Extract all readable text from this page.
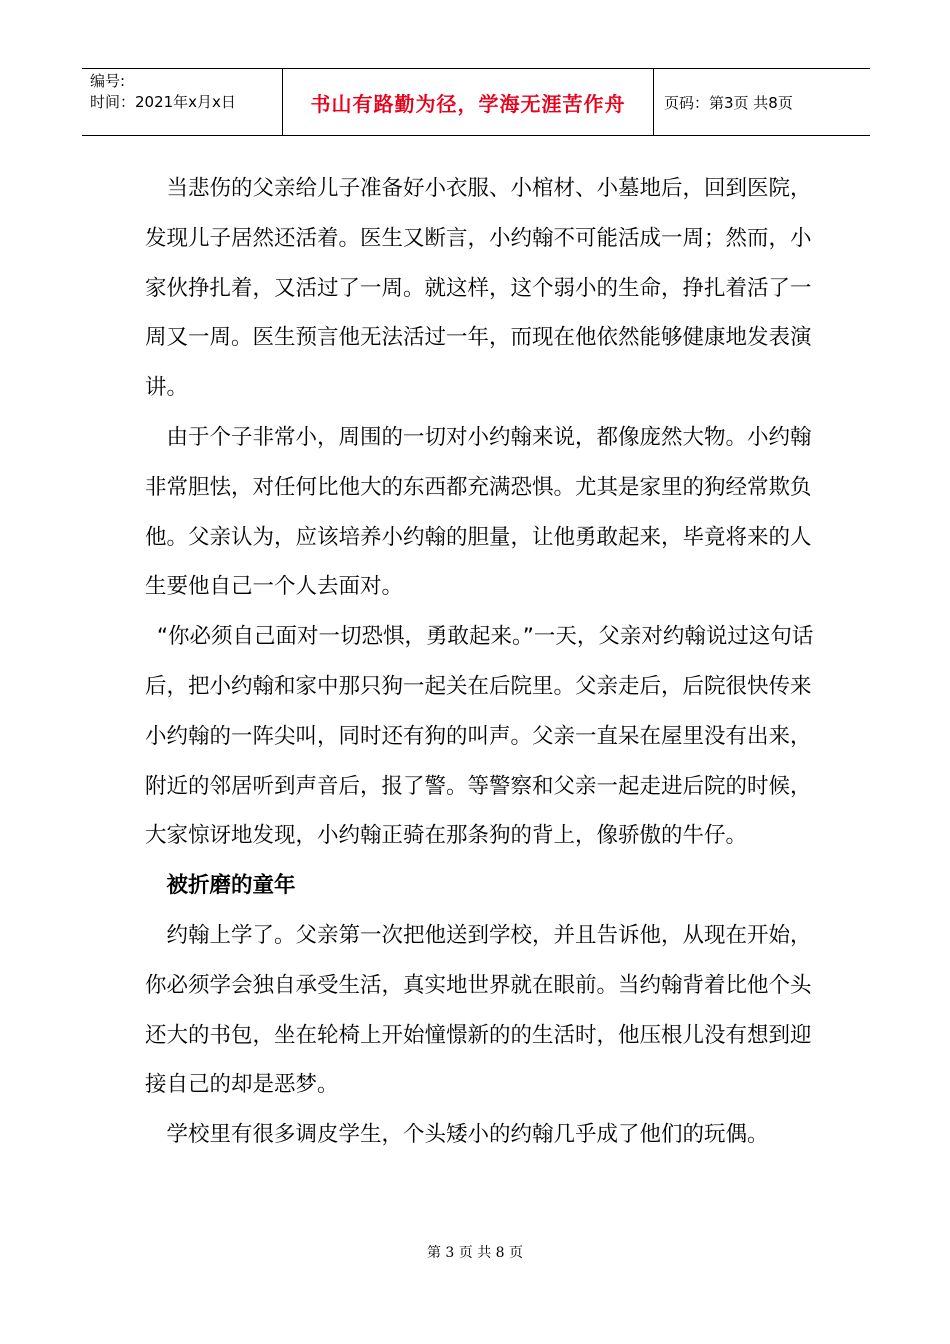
编号:
时间：2021年x月x日	书山有路勤为径，学海无涯苦作舟	页码：第3页 共8页

当悲伤的父亲给儿子准备好小衣服、小棺材、小墓地后，回到医院，发现儿子居然还活着。医生又断言，小约翰不可能活成一周；然而，小家伙挣扎着，又活过了一周。就这样，这个弱小的生命，挣扎着活了一周又一周。医生预言他无法活过一年，而现在他依然能够健康地发表演讲。

由于个子非常小，周围的一切对小约翰来说，都像庞然大物。小约翰非常胆怯，对任何比他大的东西都充满恐惧。尤其是家里的狗经常欺负他。父亲认为，应该培养小约翰的胆量，让他勇敢起来，毕竟将来的人生要他自己一个人去面对。

“你必须自己面对一切恐惧，勇敢起来。”一天，父亲对约翰说过这句话后，把小约翰和家中那只狗一起关在后院里。父亲走后，后院很快传来小约翰的一阵尖叫，同时还有狗的叫声。父亲一直呆在屋里没有出来，附近的邻居听到声音后，报了警。等警察和父亲一起走进后院的时候，大家惊讶地发现，小约翰正骑在那条狗的背上，像骄傲的牛仔。

被折磨的童年

约翰上学了。父亲第一次把他送到学校，并且告诉他，从现在开始，你必须学会独自承受生活，真实地世界就在眼前。当约翰背着比他个头还大的书包，坐在轮椅上开始憧憬新的的生活时，他压根儿没有想到迎接自己的却是恶梦。

学校里有很多调皮学生，个头矮小的约翰几乎成了他们的玩偶。

第 3 页 共 8 页
